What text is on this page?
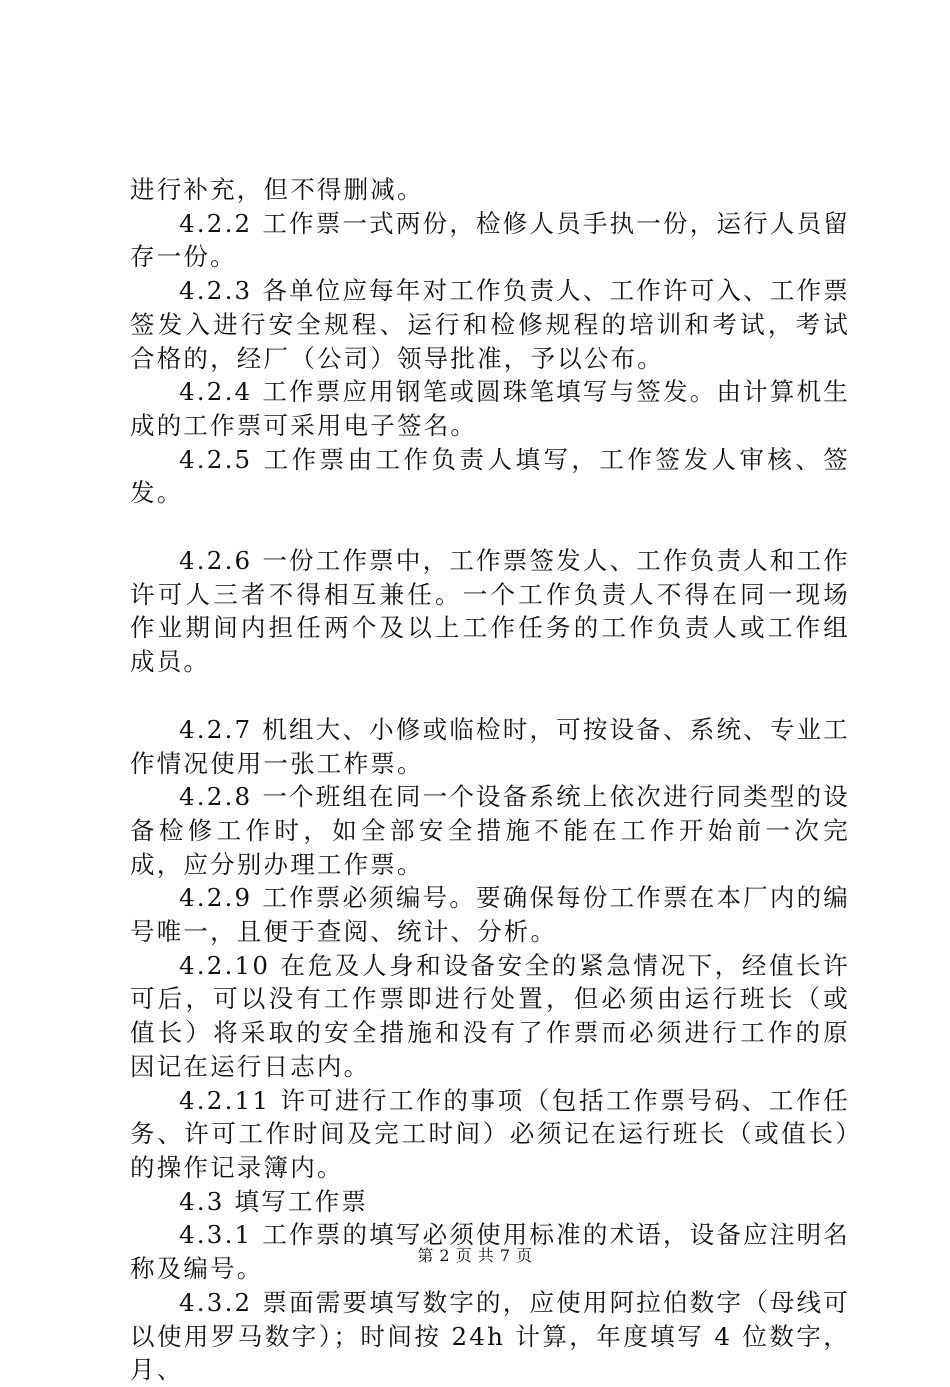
进行补充，但不得删减。

4.2.2 工作票一式两份，检修人员手执一份，运行人员留存一份。

4.2.3 各单位应每年对工作负责人、工作许可入、工作票签发入进行安全规程、运行和检修规程的培训和考试，考试合格的，经厂（公司）领导批准，予以公布。

4.2.4 工作票应用钢笔或圆珠笔填写与签发。由计算机生成的工作票可采用电子签名。

4.2.5 工作票由工作负责人填写，工作签发人审核、签发。

4.2.6 一份工作票中，工作票签发人、工作负责人和工作许可人三者不得相互兼任。一个工作负责人不得在同一现场作业期间内担任两个及以上工作任务的工作负责人或工作组成员。

4.2.7 机组大、小修或临检时，可按设备、系统、专业工作情况使用一张工柞票。

4.2.8 一个班组在同一个设备系统上依次进行同类型的设备检修工作时，如全部安全措施不能在工作开始前一次完成，应分别办理工作票。

4.2.9 工作票必须编号。要确保每份工作票在本厂内的编号唯一，且便于查阅、统计、分析。

4.2.10 在危及人身和设备安全的紧急情况下，经值长许可后，可以没有工作票即进行处置，但必须由运行班长（或值长）将采取的安全措施和没有了作票而必须进行工作的原因记在运行日志内。

4.2.11 许可进行工作的事项（包括工作票号码、工作任务、许可工作时间及完工时间）必须记在运行班长（或值长）的操作记录簿内。

4.3 填写工作票

4.3.1 工作票的填写必须使用标准的术语，设备应注明名称及编号。

4.3.2 票面需要填写数字的，应使用阿拉伯数字（母线可以使用罗马数字）；时间按 24h 计算，年度填写 4 位数字，月、

第 2 页 共 7 页
